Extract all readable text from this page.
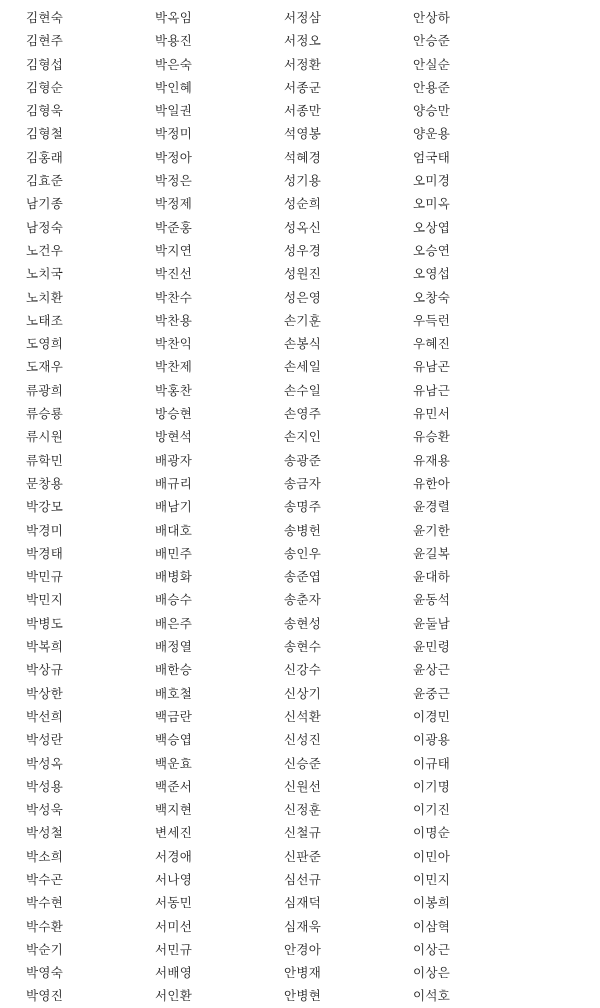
김현숙	박옥임	서정삼	안상하
김현주	박용진	서정오	안승준
김형섭	박은숙	서정환	안실순
김형순	박인혜	서종군	안용준
김형욱	박일권	서종만	양승만
김형철	박정미	석영봉	양운용
김홍래	박정아	석혜경	엄국태
김효준	박정은	성기용	오미경
남기종	박정제	성순희	오미옥
남정숙	박준홍	성옥신	오상엽
노건우	박지연	성우경	오승연
노치국	박진선	성원진	오영섭
노치환	박찬수	성은영	오창숙
노태조	박찬용	손기훈	우득런
도영희	박찬익	손봉식	우혜진
도재우	박찬제	손세일	유남곤
류광희	박홍찬	손수일	유남근
류승룡	방승현	손영주	유민서
류시원	방현석	손지인	유승환
류학민	배광자	송광준	유재용
문창용	배규리	송금자	유한아
박강모	배남기	송명주	윤경렬
박경미	배대호	송병헌	윤기한
박경태	배민주	송인우	윤길복
박민규	배병화	송준엽	윤대하
박민지	배승수	송춘자	윤동석
박병도	배은주	송현성	윤둘남
박복희	배정열	송현수	윤민령
박상규	배한승	신강수	윤상근
박상한	배호철	신상기	윤중근
박선희	백금란	신석환	이경민
박성란	백승엽	신성진	이광용
박성옥	백운효	신승준	이규태
박성용	백준서	신원선	이기명
박성욱	백지현	신정훈	이기진
박성철	변세진	신철규	이명순
박소희	서경애	신판준	이민아
박수곤	서나영	심선규	이민지
박수현	서동민	심재덕	이봉희
박수환	서미선	심재욱	이삼혁
박순기	서민규	안경아	이상근
박영숙	서배영	안병재	이상은
박영진	서인환	안병현	이석호
